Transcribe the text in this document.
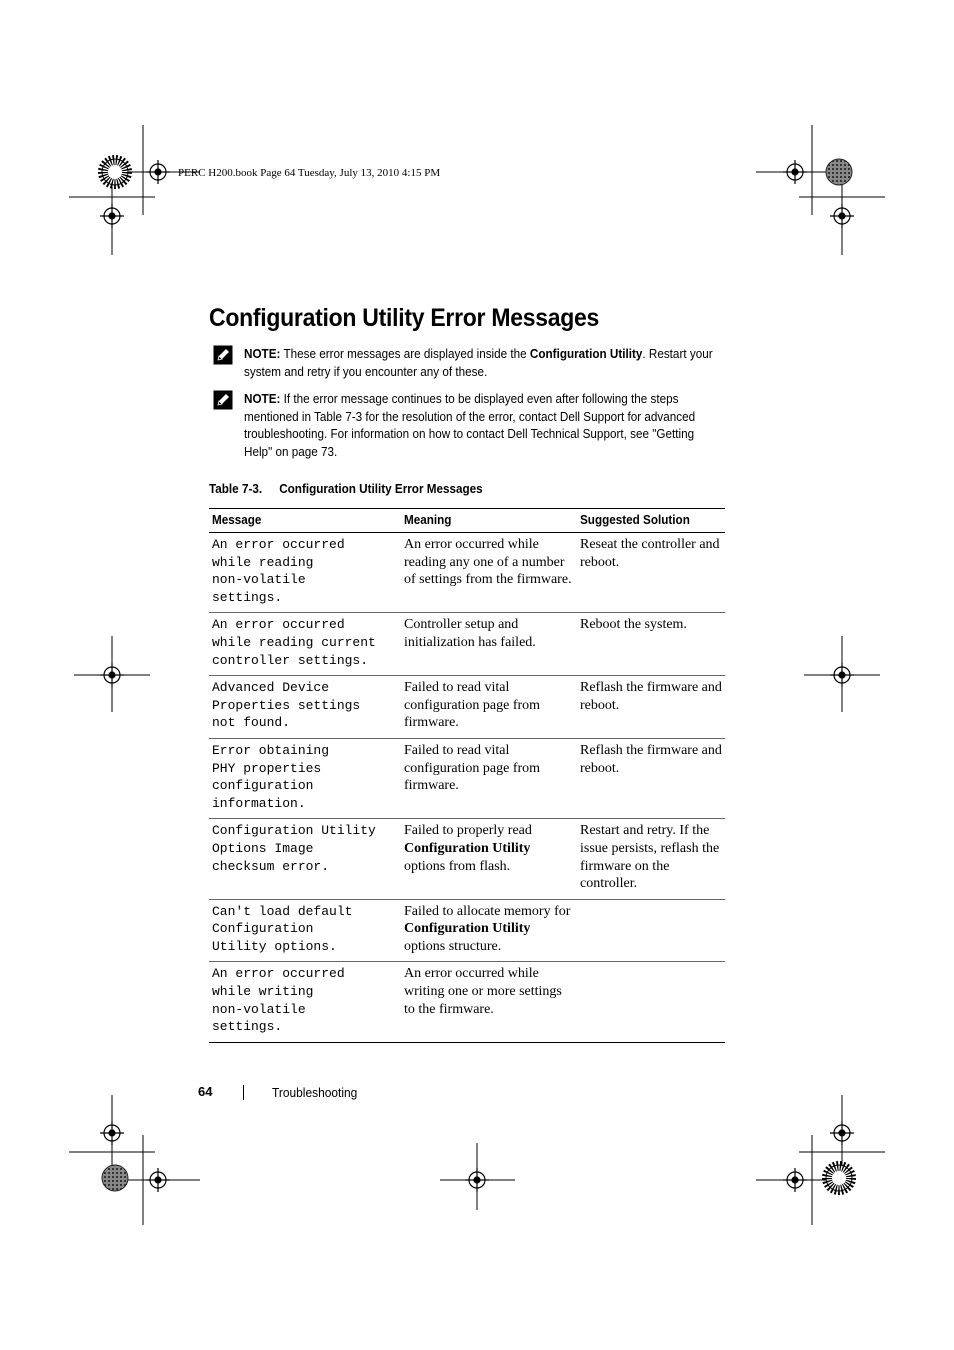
PERC H200.book Page 64 Tuesday, July 13, 2010 4:15 PM
Configuration Utility Error Messages
NOTE: These error messages are displayed inside the Configuration Utility. Restart your system and retry if you encounter any of these.
NOTE: If the error message continues to be displayed even after following the steps mentioned in Table 7-3 for the resolution of the error, contact Dell Support for advanced troubleshooting. For information on how to contact Dell Technical Support, see "Getting Help" on page 73.
Table 7-3. Configuration Utility Error Messages
Message	Meaning	Suggested Solution
An error occurred
while reading
non-volatile
settings.	An error occurred while reading any one of a number of settings from the firmware.	Reseat the controller and reboot.
An error occurred
while reading current
controller settings.	Controller setup and initialization has failed.	Reboot the system.
Advanced Device
Properties settings
not found.	Failed to read vital configuration page from firmware.	Reflash the firmware and reboot.
Error obtaining
PHY properties
configuration
information.	Failed to read vital configuration page from firmware.	Reflash the firmware and reboot.
Configuration Utility
Options Image
checksum error.	Failed to properly read Configuration Utility options from flash.	Restart and retry. If the issue persists, reflash the firmware on the controller.
Can't load default
Configuration
Utility options.	Failed to allocate memory for Configuration Utility options structure.	
An error occurred
while writing
non-volatile
settings.	An error occurred while writing one or more settings to the firmware.	
64	Troubleshooting
